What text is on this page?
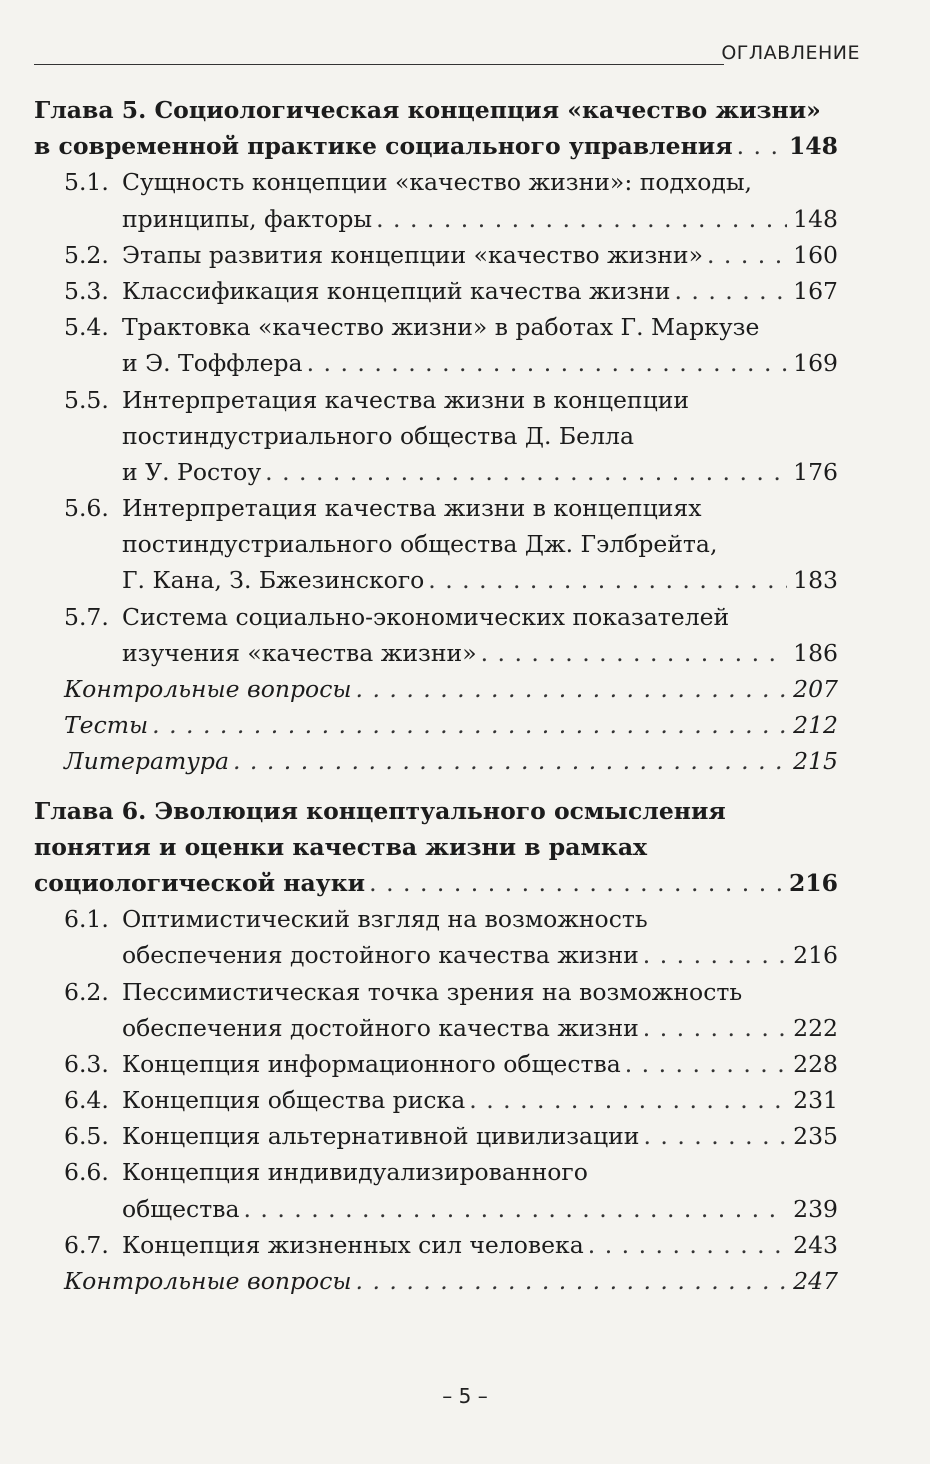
ОГЛАВЛЕНИЕ
Глава 5. Социологическая концепция «качество жизни»
в современной практике социального управления . . . 148
5.1. Сущность концепции «качество жизни»: подходы,
принципы, факторы . . .	148
5.2. Этапы развития концепции «качество жизни» . . .	160
5.3. Классификация концепций качества жизни . . .	167
5.4. Трактовка «качество жизни» в работах Г. Маркузе
и Э. Тоффлера . . .	169
5.5. Интерпретация качества жизни в концепции
постиндустриального общества Д. Белла
и У. Ростоу . . .	176
5.6. Интерпретация качества жизни в концепциях
постиндустриального общества Дж. Гэлбрейта,
Г. Кана, З. Бжезинского . . .	183
5.7. Система социально-экономических показателей
изучения «качества жизни» . . .	186
Контрольные вопросы . . .	207
Тесты . . .	212
Литература . . .	215
Глава 6. Эволюция концептуального осмысления
понятия и оценки качества жизни в рамках
социологической науки . . .	216
6.1. Оптимистический взгляд на возможность
обеспечения достойного качества жизни . . .	216
6.2. Пессимистическая точка зрения на возможность
обеспечения достойного качества жизни . . .	222
6.3. Концепция информационного общества . . .	228
6.4. Концепция общества риска . . .	231
6.5. Концепция альтернативной цивилизации . . .	235
6.6. Концепция индивидуализированного
общества . . .	239
6.7. Концепция жизненных сил человека . . .	243
Контрольные вопросы . . .	247
– 5 –
